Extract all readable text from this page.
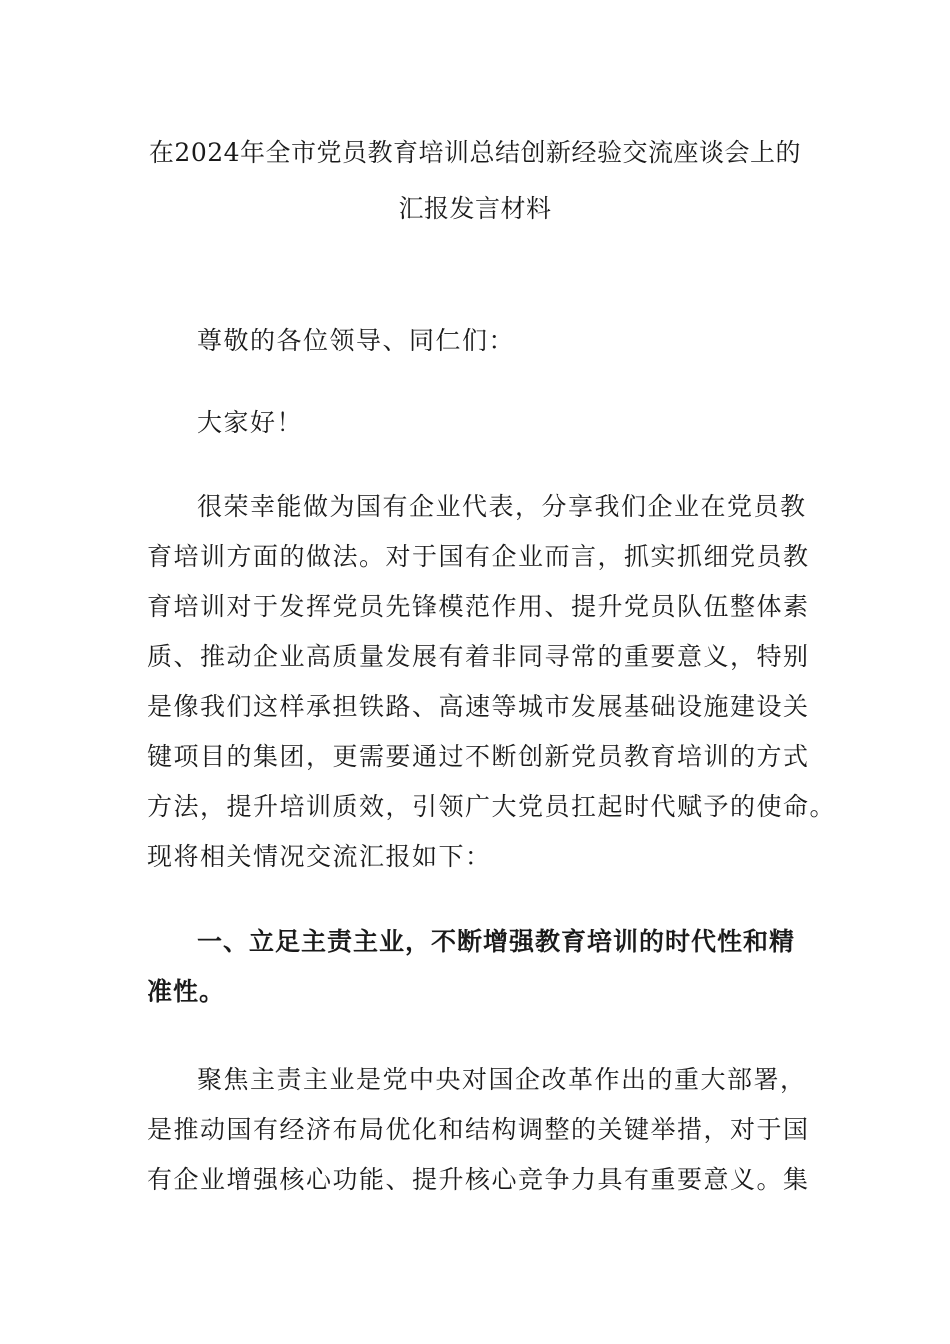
在2024年全市党员教育培训总结创新经验交流座谈会上的
汇报发言材料

尊敬的各位领导、同仁们：

大家好！

很荣幸能做为国有企业代表，分享我们企业在党员教
育培训方面的做法。对于国有企业而言，抓实抓细党员教
育培训对于发挥党员先锋模范作用、提升党员队伍整体素
质、推动企业高质量发展有着非同寻常的重要意义，特别
是像我们这样承担铁路、高速等城市发展基础设施建设关
键项目的集团，更需要通过不断创新党员教育培训的方式
方法，提升培训质效，引领广大党员扛起时代赋予的使命。
现将相关情况交流汇报如下：

一、立足主责主业，不断增强教育培训的时代性和精
准性。

聚焦主责主业是党中央对国企改革作出的重大部署，
是推动国有经济布局优化和结构调整的关键举措，对于国
有企业增强核心功能、提升核心竞争力具有重要意义。集
